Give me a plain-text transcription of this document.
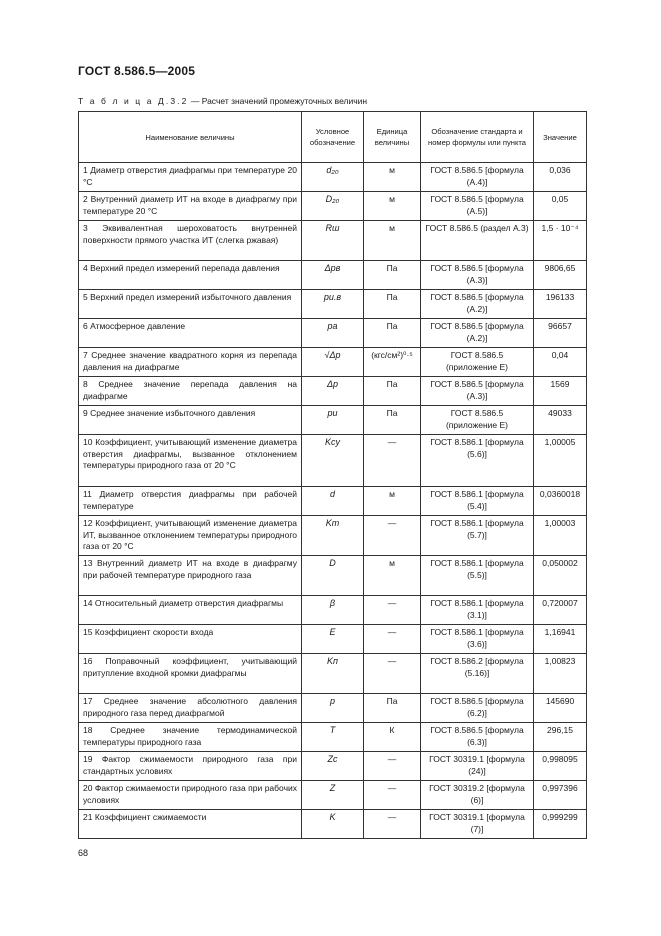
ГОСТ 8.586.5—2005
Т а б л и ц а Д.3.2 — Расчет значений промежуточных величин
Наименование величины	Условное обозначение	Единица величины	Обозначение стандарта и номер формулы или пункта	Значение
1 Диаметр отверстия диафрагмы при температуре 20 °С	d₂₀	м	ГОСТ 8.586.5 [формула (А.4)]	0,036
2 Внутренний диаметр ИТ на входе в диафрагму при температуре 20 °С	D₂₀	м	ГОСТ 8.586.5 [формула (А.5)]	0,05
3 Эквивалентная шероховатость внутренней поверхности прямого участка ИТ (слегка ржавая)	Rш	м	ГОСТ 8.586.5 (раздел А.3)	1,5 · 10⁻⁴
4 Верхний предел измерений перепада давления	Δpв	Па	ГОСТ 8.586.5 [формула (А.3)]	9806,65
5 Верхний предел измерений избыточного давления	pи.в	Па	ГОСТ 8.586.5 [формула (А.2)]	196133
6 Атмосферное давление	pа	Па	ГОСТ 8.586.5 [формула (А.2)]	96657
7 Среднее значение квадратного корня из перепада давления на диафрагме	√Δp	(кгс/см²)⁰·⁵	ГОСТ 8.586.5 (приложение Е)	0,04
8 Среднее значение перепада давления на диафрагме	Δp	Па	ГОСТ 8.586.5 [формула (А.3)]	1569
9 Среднее значение избыточного давления	pи	Па	ГОСТ 8.586.5 (приложение Е)	49033
10 Коэффициент, учитывающий изменение диаметра отверстия диафрагмы, вызванное отклонением температуры природного газа от 20 °С	Kсу	—	ГОСТ 8.586.1 [формула (5.6)]	1,00005
11 Диаметр отверстия диафрагмы при рабочей температуре	d	м	ГОСТ 8.586.1 [формула (5.4)]	0,0360018
12 Коэффициент, учитывающий изменение диаметра ИТ, вызванное отклонением температуры природного газа от 20 °С	Kт	—	ГОСТ 8.586.1 [формула (5.7)]	1,00003
13 Внутренний диаметр ИТ на входе в диафрагму при рабочей температуре природного газа	D	м	ГОСТ 8.586.1 [формула (5.5)]	0,050002
14 Относительный диаметр отверстия диафрагмы	β	—	ГОСТ 8.586.1 [формула (3.1)]	0,720007
15 Коэффициент скорости входа	E	—	ГОСТ 8.586.1 [формула (3.6)]	1,16941
16 Поправочный коэффициент, учитывающий притупление входной кромки диафрагмы	Kп	—	ГОСТ 8.586.2 [формула (5.16)]	1,00823
17 Среднее значение абсолютного давления природного газа перед диафрагмой	p	Па	ГОСТ 8.586.5 [формула (6.2)]	145690
18 Среднее значение термодинамической температуры природного газа	T	К	ГОСТ 8.586.5 [формула (6.3)]	296,15
19 Фактор сжимаемости природного газа при стандартных условиях	Zс	—	ГОСТ 30319.1 [формула (24)]	0,998095
20 Фактор сжимаемости природного газа при рабочих условиях	Z	—	ГОСТ 30319.2 [формула (6)]	0,997396
21 Коэффициент сжимаемости	K	—	ГОСТ 30319.1 [формула (7)]	0,999299
68
